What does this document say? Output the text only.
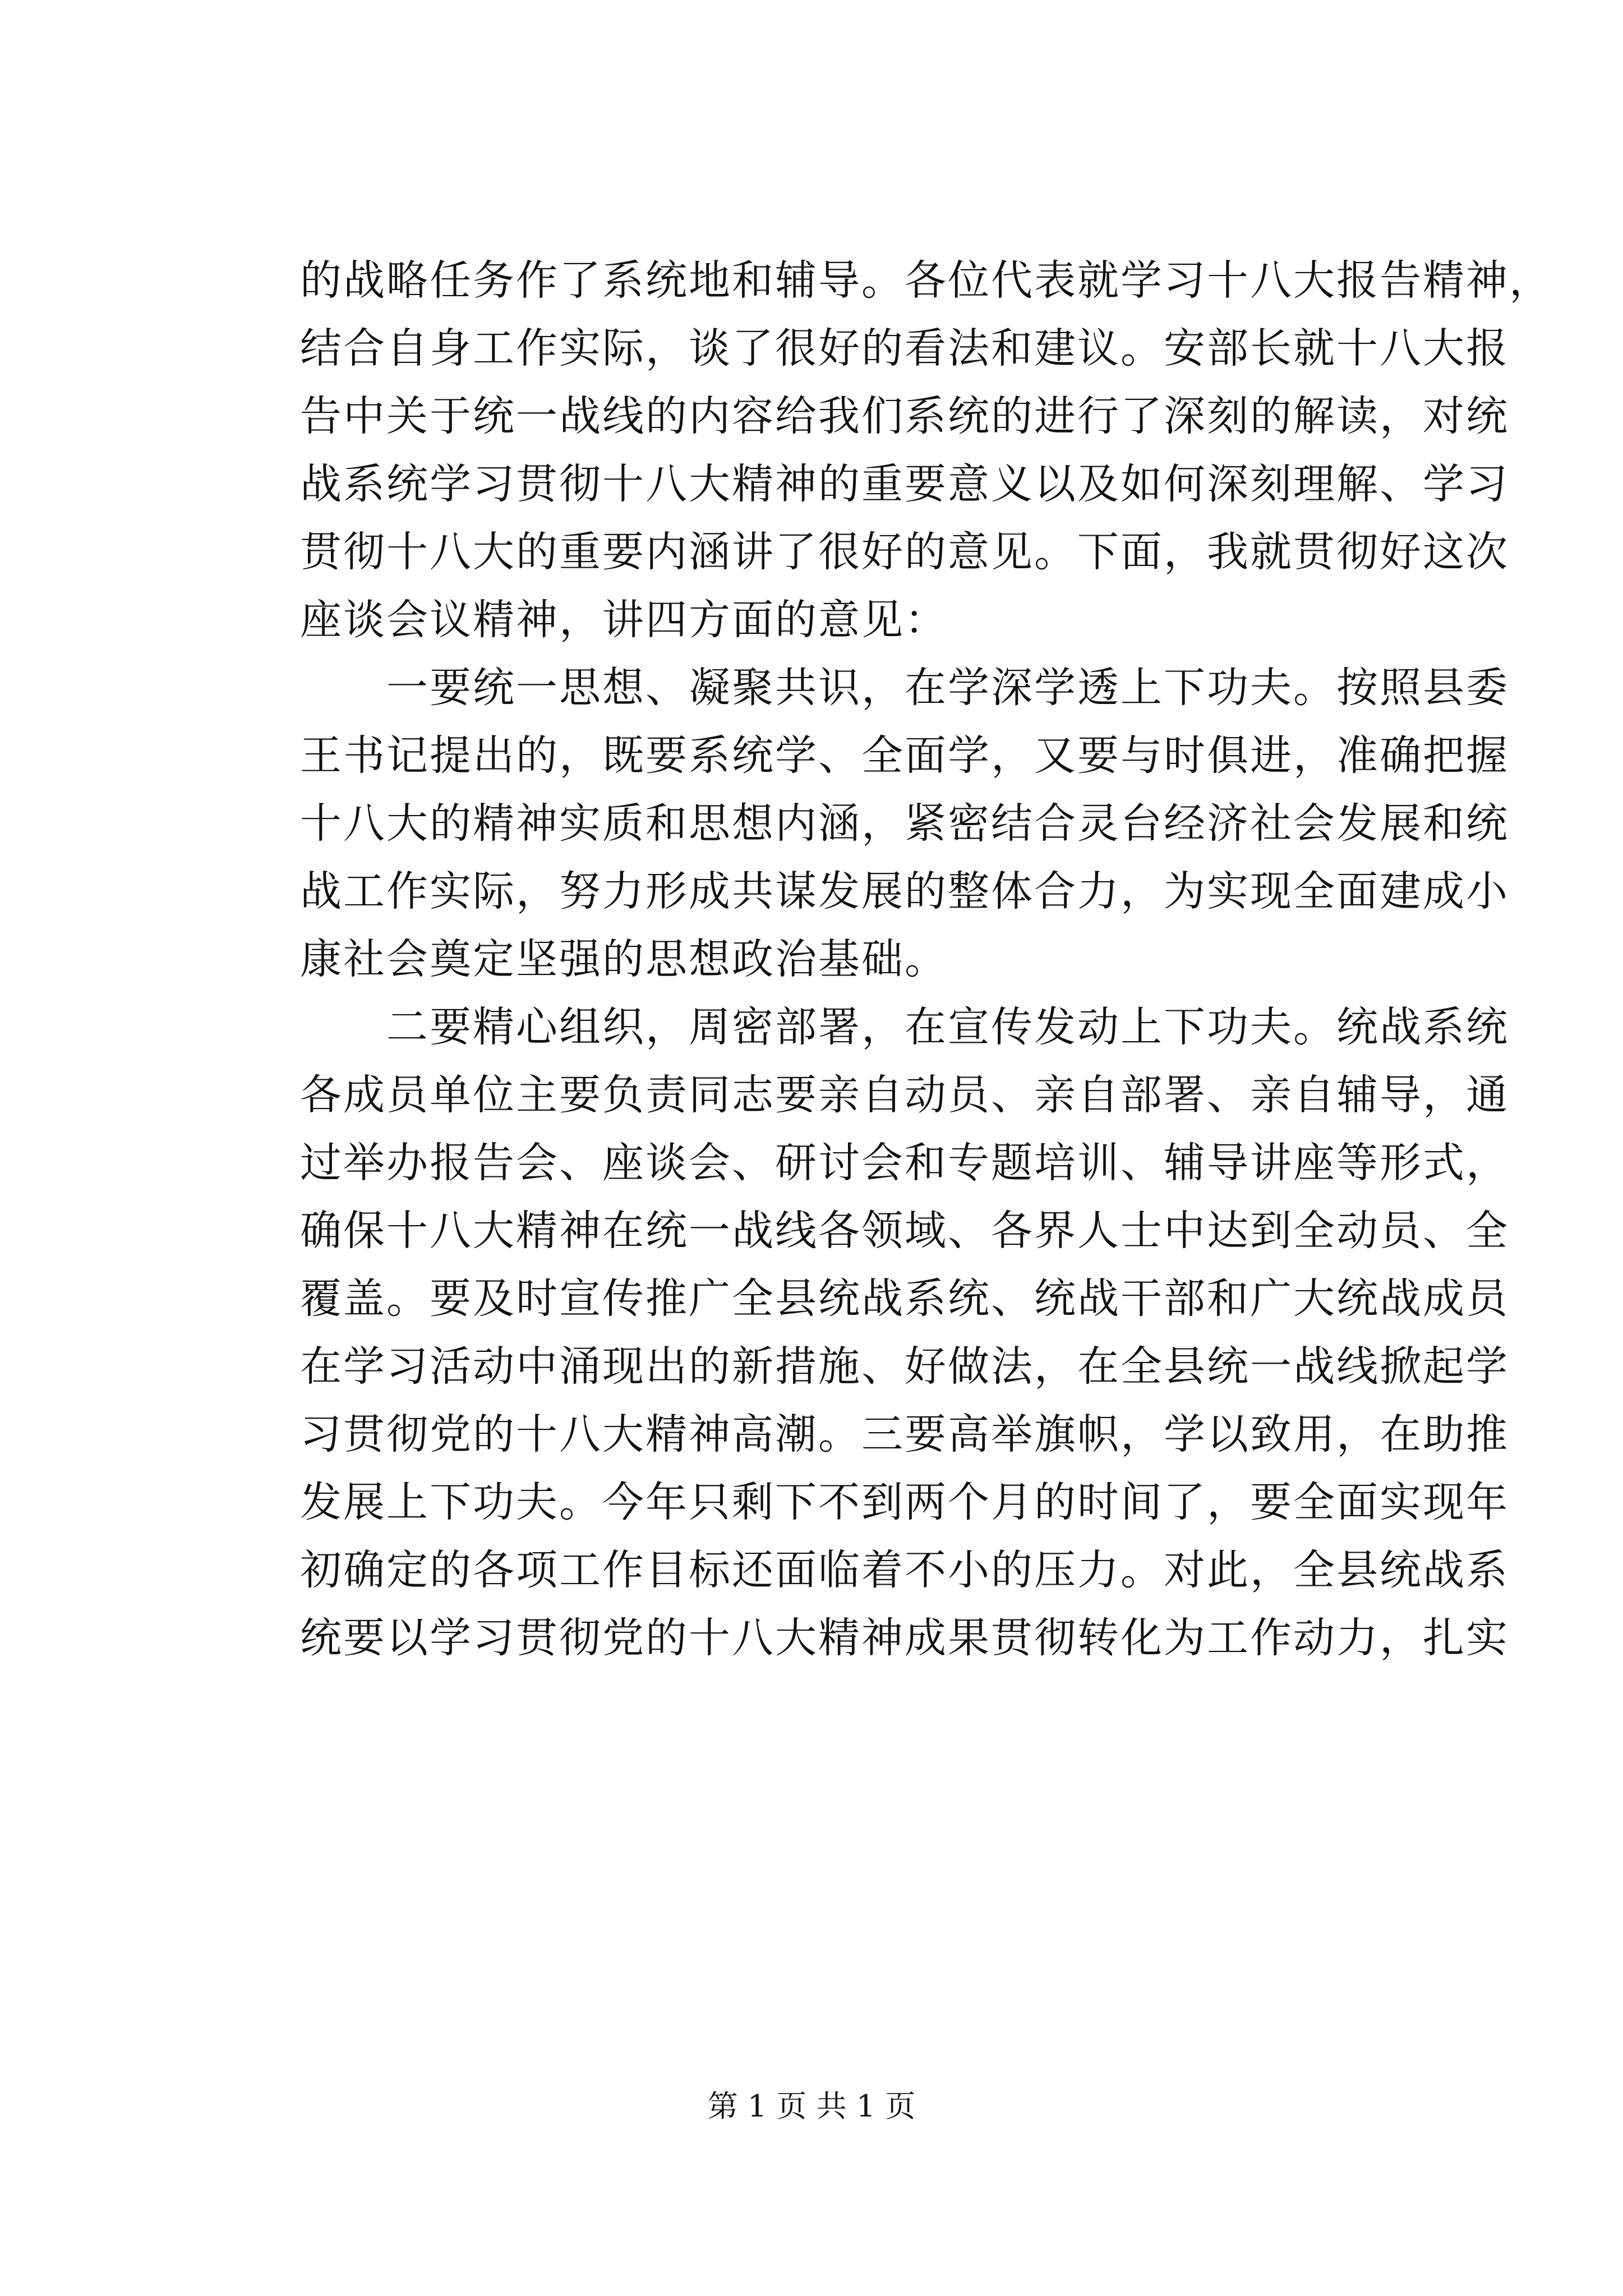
的战略任务作了系统地和辅导。各位代表就学习十八大报告精神，
结合自身工作实际，谈了很好的看法和建议。安部长就十八大报
告中关于统一战线的内容给我们系统的进行了深刻的解读，对统
战系统学习贯彻十八大精神的重要意义以及如何深刻理解、学习
贯彻十八大的重要内涵讲了很好的意见。下面，我就贯彻好这次
座谈会议精神，讲四方面的意见：
　　一要统一思想、凝聚共识，在学深学透上下功夫。按照县委
王书记提出的，既要系统学、全面学，又要与时俱进，准确把握
十八大的精神实质和思想内涵，紧密结合灵台经济社会发展和统
战工作实际，努力形成共谋发展的整体合力，为实现全面建成小
康社会奠定坚强的思想政治基础。
　　二要精心组织，周密部署，在宣传发动上下功夫。统战系统
各成员单位主要负责同志要亲自动员、亲自部署、亲自辅导，通
过举办报告会、座谈会、研讨会和专题培训、辅导讲座等形式，
确保十八大精神在统一战线各领域、各界人士中达到全动员、全
覆盖。要及时宣传推广全县统战系统、统战干部和广大统战成员
在学习活动中涌现出的新措施、好做法，在全县统一战线掀起学
习贯彻党的十八大精神高潮。三要高举旗帜，学以致用，在助推
发展上下功夫。今年只剩下不到两个月的时间了，要全面实现年
初确定的各项工作目标还面临着不小的压力。对此，全县统战系
统要以学习贯彻党的十八大精神成果贯彻转化为工作动力，扎实
第 1 页 共 1 页
